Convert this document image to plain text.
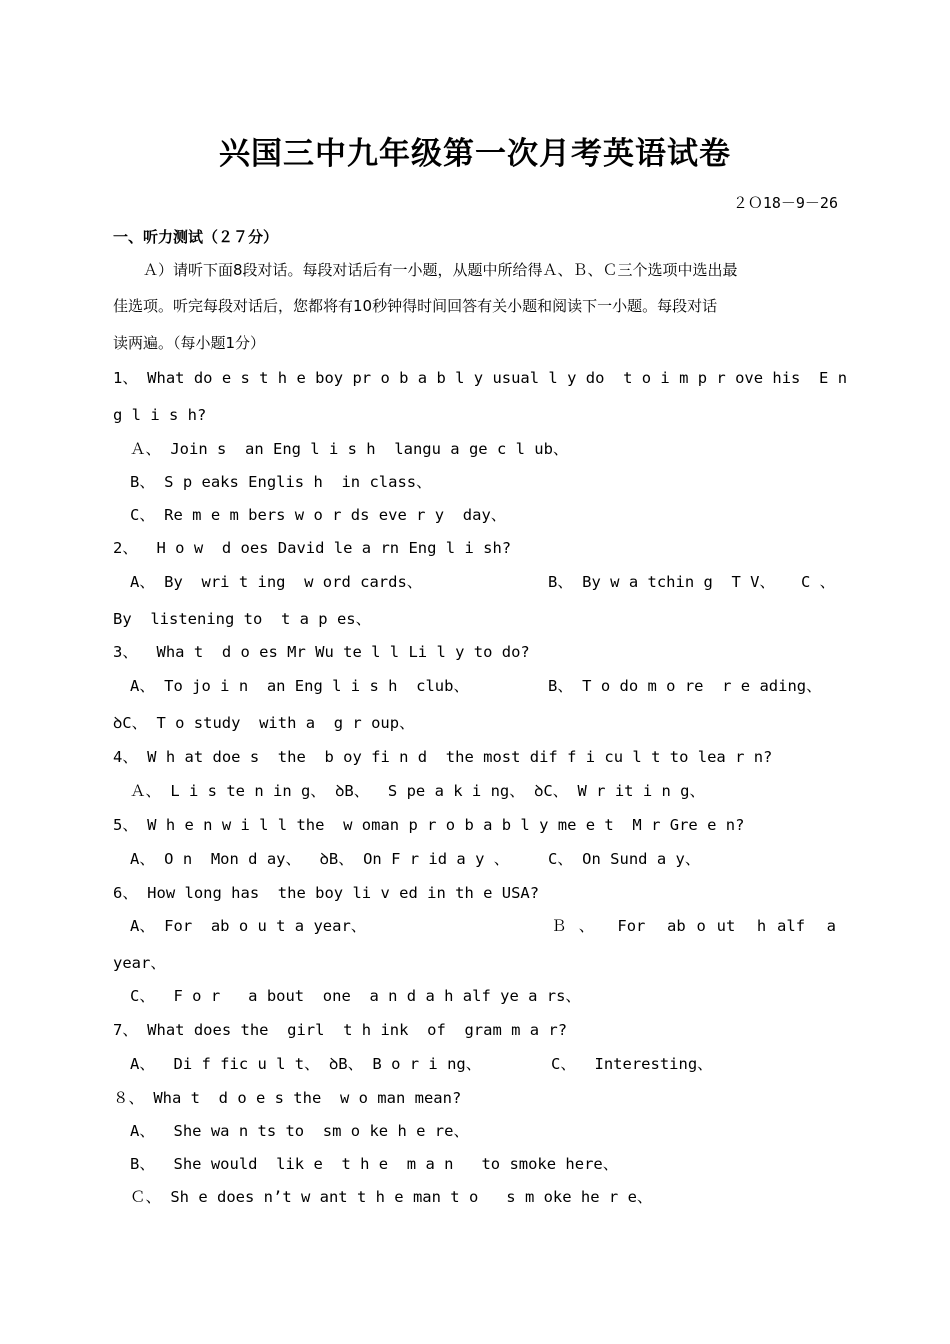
兴国三中九年级第一次月考英语试卷
２Ｏ18－9－26
一、听力测试（２７分）
　　Ａ）请听下面8段对话。每段对话后有一小题，从题中所给得Ａ、Ｂ、Ｃ三个选项中选出最
佳选项。听完每段对话后，您都将有10秒钟得时间回答有关小题和阅读下一小题。每段对话
读两遍。（每小题1分）
1、 What do e s t h e boy pr o b a b l y usual l y do  t o i m p r ove his  E n
g l i s h?
Ａ、 Join s  an Eng l i s h  langu a ge c l ub、
B、 S p eaks Englis h  in class、
C、 Re m e m bers w o r ds eve r y  day、
2、  H o w  d oes David le a rn Eng l i sh?
A、 By  wri t ing  w ord cards、	B、 By w a tchin g  T V、 C 、
By  listening to  t a p es、
3、  Wha t  d o es Mr Wu te l l Li l y to do?
A、 To jo i n  an Eng l i s h  club、	B、 T o do m o re  r e ading、
ꝺC、 T o study  with a  g r oup、
4、 W h at doe s  the  b oy fi n d  the most dif f i cu l t to lea r n?
Ａ、 L i s te n in g、 ꝺB、  S pe a k i ng、 ꝺC、 W r it i n g、
5、 W h e n w i l l the  w oman p r o b a b l y me e t  M r Gre e n?
A、 O n  Mon d ay、  ꝺB、 On F r id a y 、	C、 On Sund a y、
6、 How long has  the boy li v ed in th e USA?
A、 For  ab o u t a year、	Ｂ 、  For  ab o ut  h alf  a
year、
C、  F o r   a bout  one  a n d a h alf ye a rs、
7、 What does the  girl  t h ink  of  gram m a r?
A、  Di f fic u l t、 ꝺB、 B o r i ng、	C、  Interesting、
８、 Wha t  d o e s the  w o man mean?
A、  She wa n ts to  sm o ke h e re、
B、  She would  lik e  t h e  m a n   to smoke here、
Ｃ、 Sh e does n’t w ant t h e man t o   s m oke he r e、
